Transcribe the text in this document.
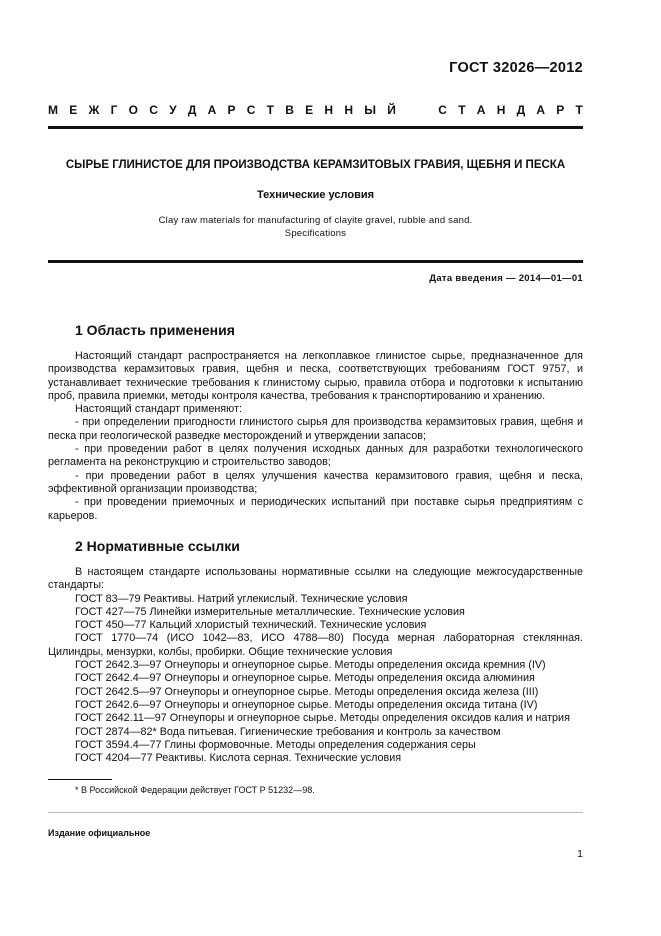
ГОСТ 32026—2012
М Е Ж Г О С У Д А Р С Т В Е Н Н Ы Й	С Т А Н Д А Р Т
СЫРЬЕ ГЛИНИСТОЕ ДЛЯ ПРОИЗВОДСТВА КЕРАМЗИТОВЫХ ГРАВИЯ, ЩЕБНЯ И ПЕСКА
Технические условия
Clay raw materials for manufacturing of clayite gravel, rubble and sand.
Specifications
Дата введения — 2014—01—01
1 Область применения

Настоящий стандарт распространяется на легкоплавкое глинистое сырье, предназначенное для производства керамзитовых гравия, щебня и песка, соответствующих требованиям ГОСТ 9757, и устанавливает технические требования к глинистому сырью, правила отбора и подготовки к испытанию проб, правила приемки, методы контроля качества, требования к транспортированию и хранению.

Настоящий стандарт применяют:

- при определении пригодности глинистого сырья для производства керамзитовых гравия, щебня и песка при геологической разведке месторождений и утверждении запасов;

- при проведении работ в целях получения исходных данных для разработки технологического регламента на реконструкцию и строительство заводов;

- при проведении работ в целях улучшения качества керамзитового гравия, щебня и песка, эффективной организации производства;

- при проведении приемочных и периодических испытаний при поставке сырья предприятиям с карьеров.

2 Нормативные ссылки

В настоящем стандарте использованы нормативные ссылки на следующие межгосударственные стандарты:

ГОСТ 83—79 Реактивы. Натрий углекислый. Технические условия

ГОСТ 427—75 Линейки измерительные металлические. Технические условия

ГОСТ 450—77 Кальций хлористый технический. Технические условия

ГОСТ 1770—74 (ИСО 1042—83, ИСО 4788—80) Посуда мерная лабораторная стеклянная. Цилиндры, мензурки, колбы, пробирки. Общие технические условия

ГОСТ 2642.3—97 Огнеупоры и огнеупорное сырье. Методы определения оксида кремния (IV)

ГОСТ 2642.4—97 Огнеупоры и огнеупорное сырье. Методы определения оксида алюминия

ГОСТ 2642.5—97 Огнеупоры и огнеупорное сырье. Методы определения оксида железа (III)

ГОСТ 2642.6—97 Огнеупоры и огнеупорное сырье. Методы определения оксида титана (IV)

ГОСТ 2642.11—97 Огнеупоры и огнеупорное сырье. Методы определения оксидов калия и натрия

ГОСТ 2874—82* Вода питьевая. Гигиенические требования и контроль за качеством

ГОСТ 3594.4—77 Глины формовочные. Методы определения содержания серы

ГОСТ 4204—77 Реактивы. Кислота серная. Технические условия

* В Российской Федерации действует ГОСТ Р 51232—98.
Издание официальное
1
